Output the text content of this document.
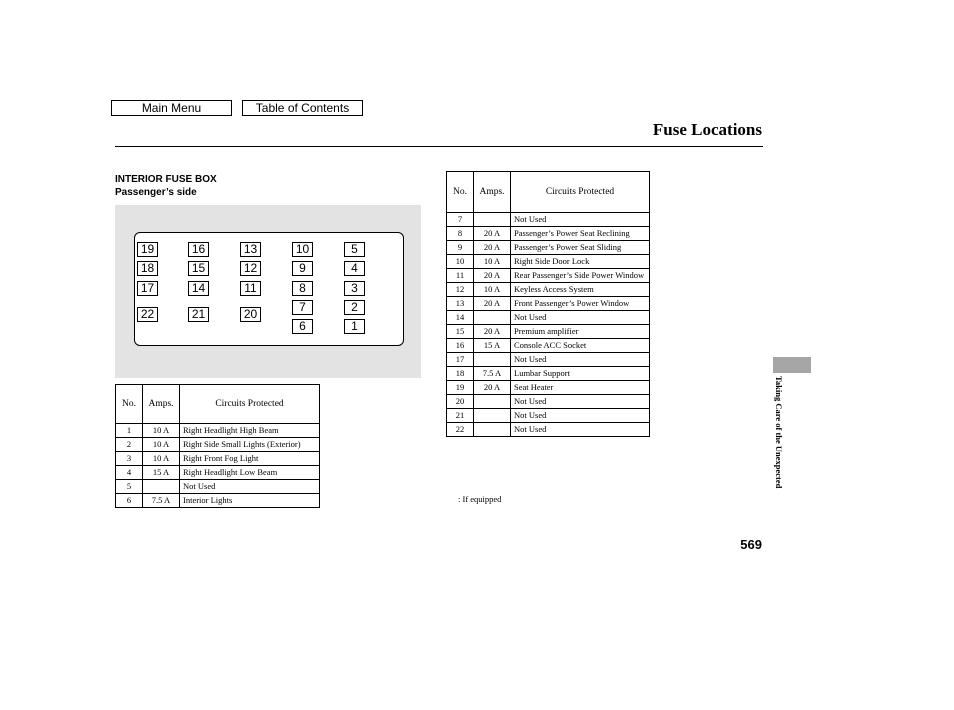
Main Menu	Table of Contents
Fuse Locations
INTERIOR FUSE BOX
Passenger’s side
19	16	13	10	5
18	15	12	9	4
17	14	11	8	3
7	2
22	21	20
6	1
No.	Amps.	Circuits Protected
1	10 A	Right Headlight High Beam
2	10 A	Right Side Small Lights (Exterior)
3	10 A	Right Front Fog Light
4	15 A	Right Headlight Low Beam
5		Not Used
6	7.5 A	Interior Lights
No.	Amps.	Circuits Protected
7		Not Used
8	20 A	Passenger’s Power Seat Reclining
9	20 A	Passenger’s Power Seat Sliding
10	10 A	Right Side Door Lock
11	20 A	Rear Passenger’s Side Power Window
12	10 A	Keyless Access System
13	20 A	Front Passenger’s Power Window
14		Not Used
15	20 A	Premium amplifier
16	15 A	Console ACC Socket
17		Not Used
18	7.5 A	Lumbar Support
19	20 A	Seat Heater
20		Not Used
21		Not Used
22		Not Used
: If equipped
Taking Care of the Unexpected
569
